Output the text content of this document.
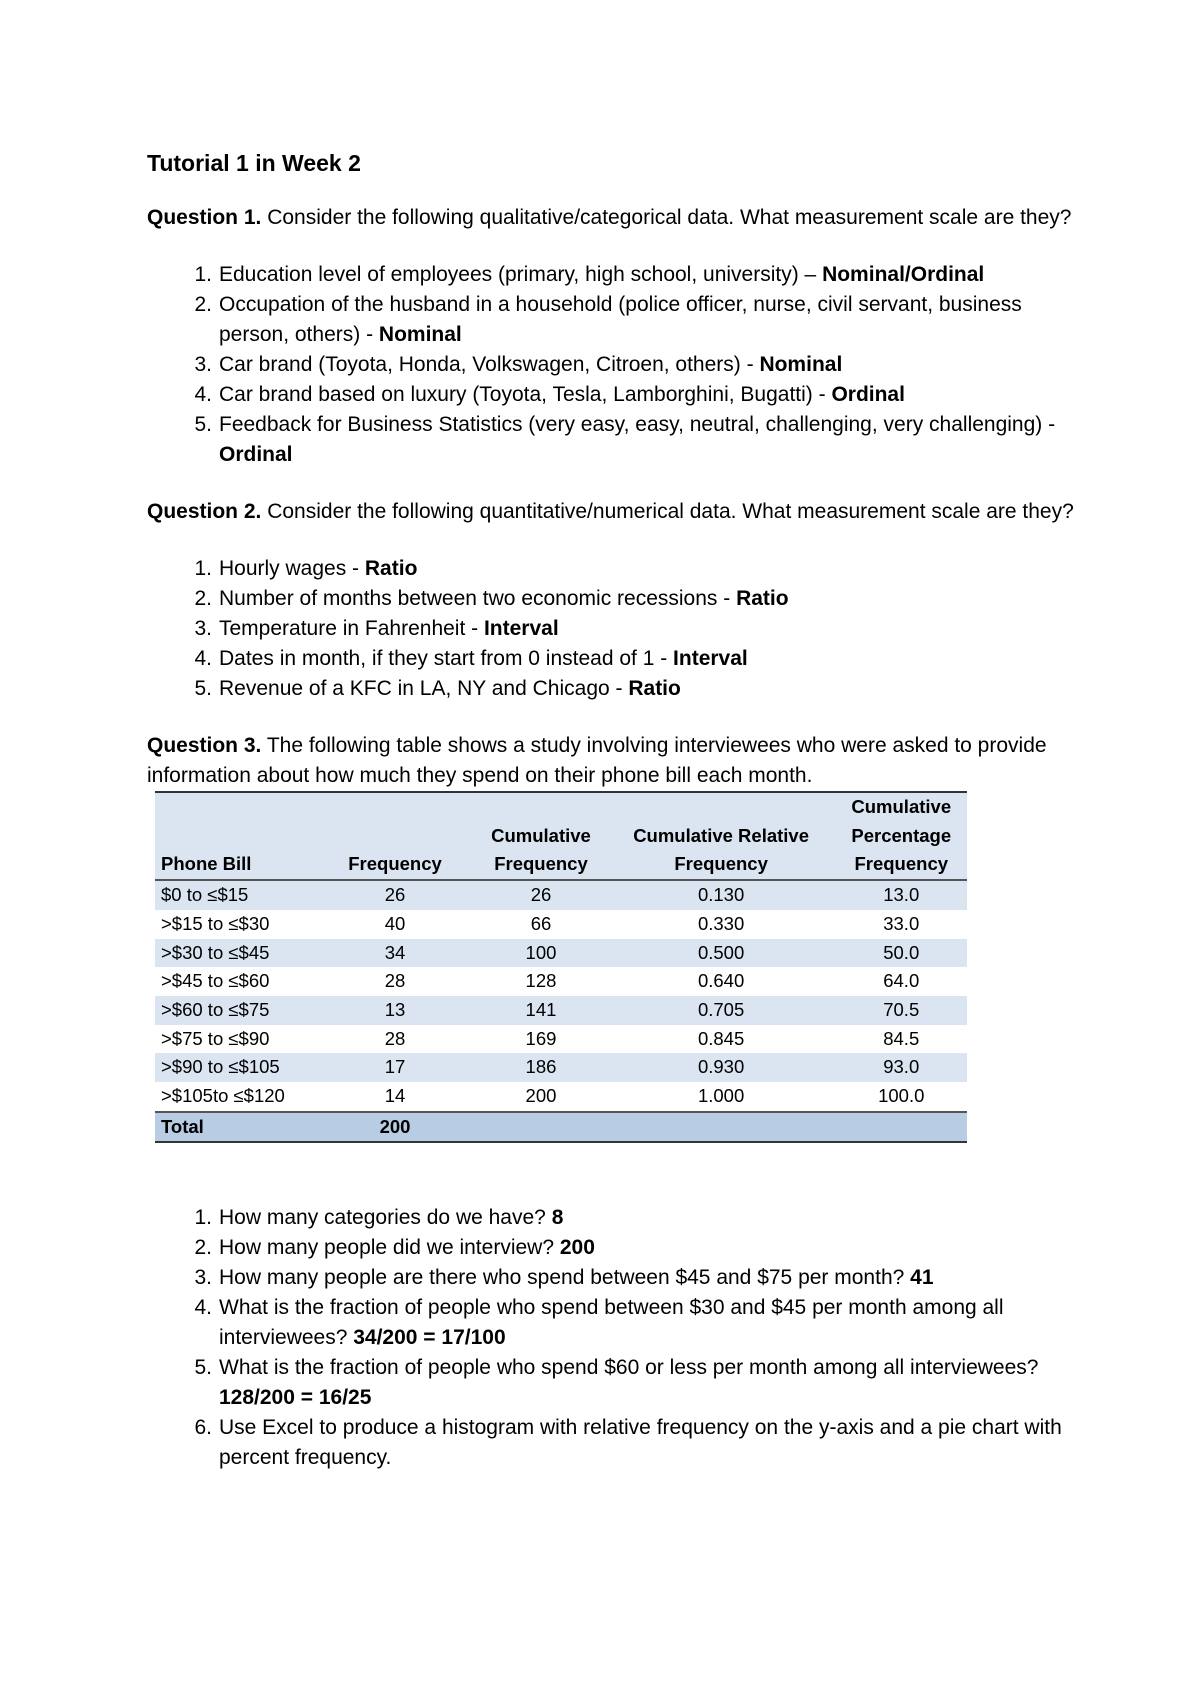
Tutorial 1 in Week 2

Question 1. Consider the following qualitative/categorical data. What measurement scale are they?

1. Education level of employees (primary, high school, university) – Nominal/Ordinal
2. Occupation of the husband in a household (police officer, nurse, civil servant, business person, others) - Nominal
3. Car brand (Toyota, Honda, Volkswagen, Citroen, others) - Nominal
4. Car brand based on luxury (Toyota, Tesla, Lamborghini, Bugatti) - Ordinal
5. Feedback for Business Statistics (very easy, easy, neutral, challenging, very challenging) - Ordinal

Question 2. Consider the following quantitative/numerical data. What measurement scale are they?

1. Hourly wages - Ratio
2. Number of months between two economic recessions - Ratio
3. Temperature in Fahrenheit - Interval
4. Dates in month, if they start from 0 instead of 1 - Interval
5. Revenue of a KFC in LA, NY and Chicago - Ratio

Question 3. The following table shows a study involving interviewees who were asked to provide information about how much they spend on their phone bill each month.

Phone Bill	Frequency	Cumulative Frequency	Cumulative Relative Frequency	Cumulative Percentage Frequency
$0 to ≤$15	26	26	0.130	13.0
>$15 to ≤$30	40	66	0.330	33.0
>$30 to ≤$45	34	100	0.500	50.0
>$45 to ≤$60	28	128	0.640	64.0
>$60 to ≤$75	13	141	0.705	70.5
>$75 to ≤$90	28	169	0.845	84.5
>$90 to ≤$105	17	186	0.930	93.0
>$105to ≤$120	14	200	1.000	100.0
Total	200			
1. How many categories do we have? 8
2. How many people did we interview? 200
3. How many people are there who spend between $45 and $75 per month? 41
4. What is the fraction of people who spend between $30 and $45 per month among all interviewees? 34/200 = 17/100
5. What is the fraction of people who spend $60 or less per month among all interviewees? 128/200 = 16/25
6. Use Excel to produce a histogram with relative frequency on the y-axis and a pie chart with percent frequency.
